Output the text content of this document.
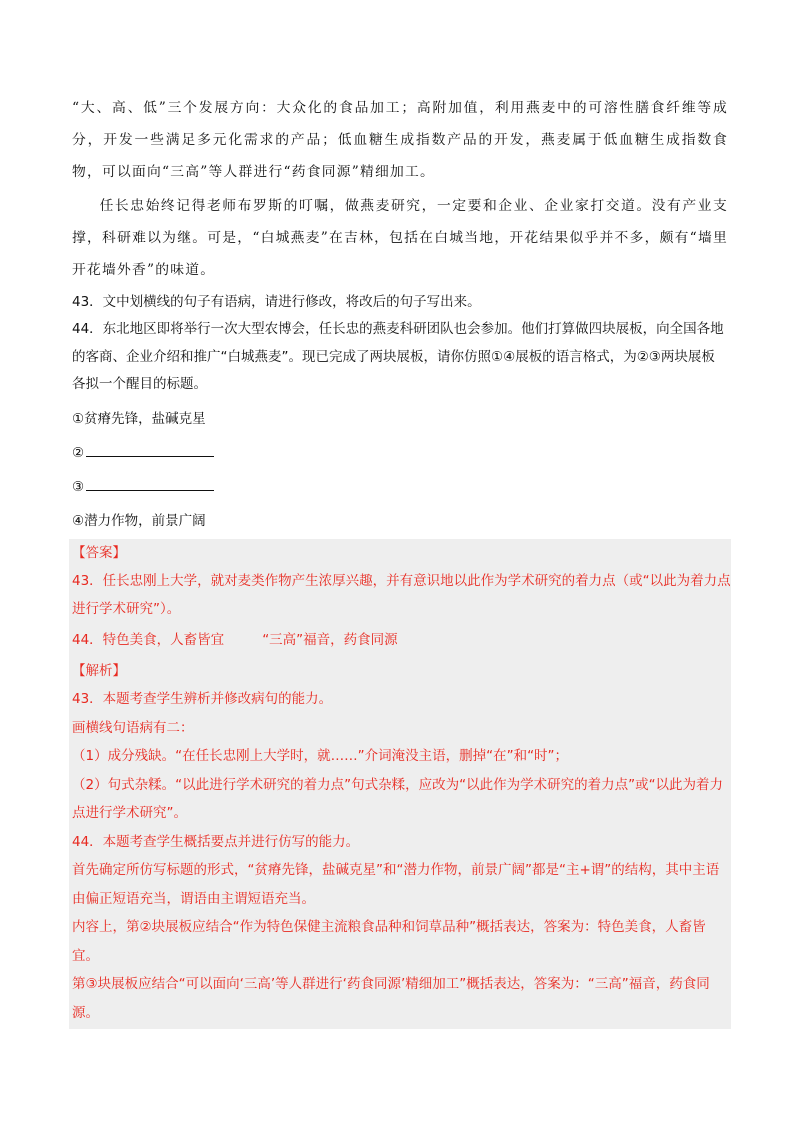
“大、高、低”三个发展方向：大众化的食品加工；高附加值，利用燕麦中的可溶性膳食纤维等成分，开发一些满足多元化需求的产品；低血糖生成指数产品的开发，燕麦属于低血糖生成指数食物，可以面向“三高”等人群进行“药食同源”精细加工。

任长忠始终记得老师布罗斯的叮嘱，做燕麦研究，一定要和企业、企业家打交道。没有产业支撑，科研难以为继。可是，“白城燕麦”在吉林，包括在白城当地，开花结果似乎并不多，颇有“墙里开花墙外香”的味道。

43．文中划横线的句子有语病，请进行修改，将改后的句子写出来。

44．东北地区即将举行一次大型农博会，任长忠的燕麦科研团队也会参加。他们打算做四块展板，向全国各地的客商、企业介绍和推广“白城燕麦”。现已完成了两块展板，请你仿照①④展板的语言格式，为②③两块展板各拟一个醒目的标题。

①贫瘠先锋，盐碱克星

②

③

④潜力作物，前景广阔

【答案】

43．任长忠刚上大学，就对麦类作物产生浓厚兴趣，并有意识地以此作为学术研究的着力点（或“以此为着力点进行学术研究”）。

44．特色美食，人畜皆宜	“三高”福音，药食同源

【解析】

43．本题考查学生辨析并修改病句的能力。

画横线句语病有二：

（1）成分残缺。“在任长忠刚上大学时，就……”介词淹没主语，删掉“在”和“时”；

（2）句式杂糅。“以此进行学术研究的着力点”句式杂糅，应改为“以此作为学术研究的着力点”或“以此为着力点进行学术研究”。

44．本题考查学生概括要点并进行仿写的能力。

首先确定所仿写标题的形式，“贫瘠先锋，盐碱克星”和“潜力作物，前景广阔”都是“主+谓”的结构，其中主语由偏正短语充当，谓语由主谓短语充当。

内容上，第②块展板应结合“作为特色保健主流粮食品种和饲草品种”概括表达，答案为：特色美食，人畜皆宜。

第③块展板应结合“可以面向‘三高’等人群进行‘药食同源’精细加工”概括表达，答案为：“三高”福音，药食同源。
